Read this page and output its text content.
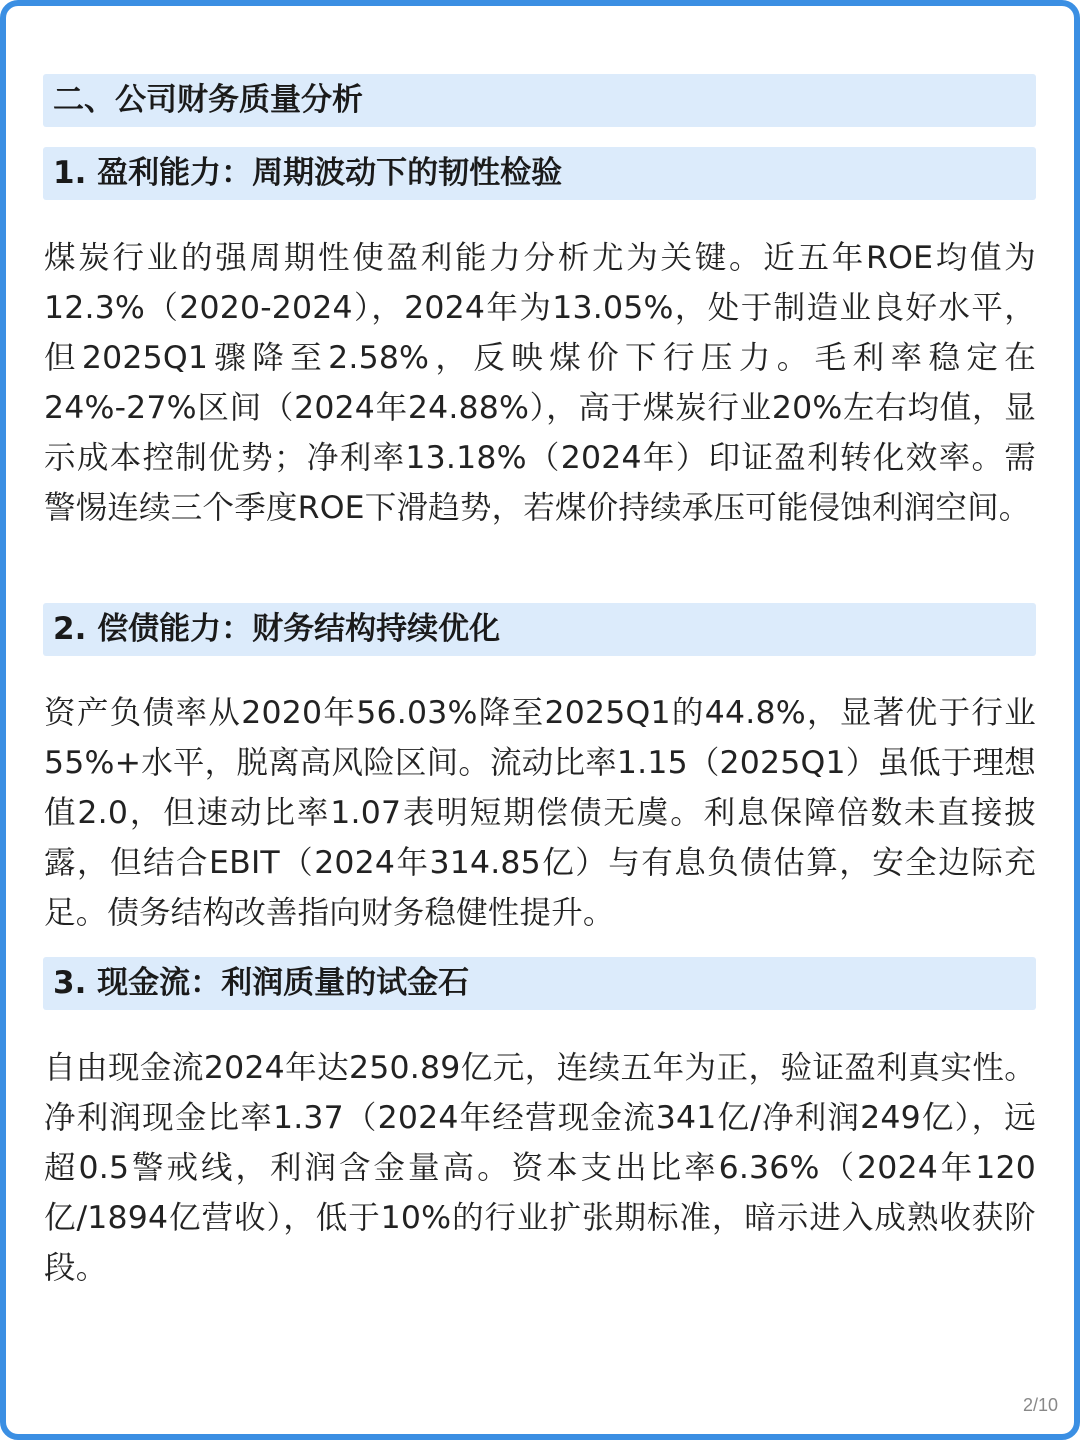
二、公司财务质量分析
1. 盈利能力：周期波动下的韧性检验

煤炭行业的强周期性使盈利能力分析尤为关键。近五年ROE均值为12.3%（2020-2024），2024年为13.05%，处于制造业良好水平，但2025Q1骤降至2.58%，反映煤价下行压力。毛利率稳定在24%-27%区间（2024年24.88%），高于煤炭行业20%左右均值，显示成本控制优势；净利率13.18%（2024年）印证盈利转化效率。需警惕连续三个季度ROE下滑趋势，若煤价持续承压可能侵蚀利润空间。

2. 偿债能力：财务结构持续优化

资产负债率从2020年56.03%降至2025Q1的44.8%，显著优于行业55%+水平，脱离高风险区间。流动比率1.15（2025Q1）虽低于理想值2.0，但速动比率1.07表明短期偿债无虞。利息保障倍数未直接披露，但结合EBIT（2024年314.85亿）与有息负债估算，安全边际充足。债务结构改善指向财务稳健性提升。

3. 现金流：利润质量的试金石

自由现金流2024年达250.89亿元，连续五年为正，验证盈利真实性。净利润现金比率1.37（2024年经营现金流341亿/净利润249亿），远超0.5警戒线，利润含金量高。资本支出比率6.36%（2024年120亿/1894亿营收），低于10%的行业扩张期标准，暗示进入成熟收获阶段。

2/10
